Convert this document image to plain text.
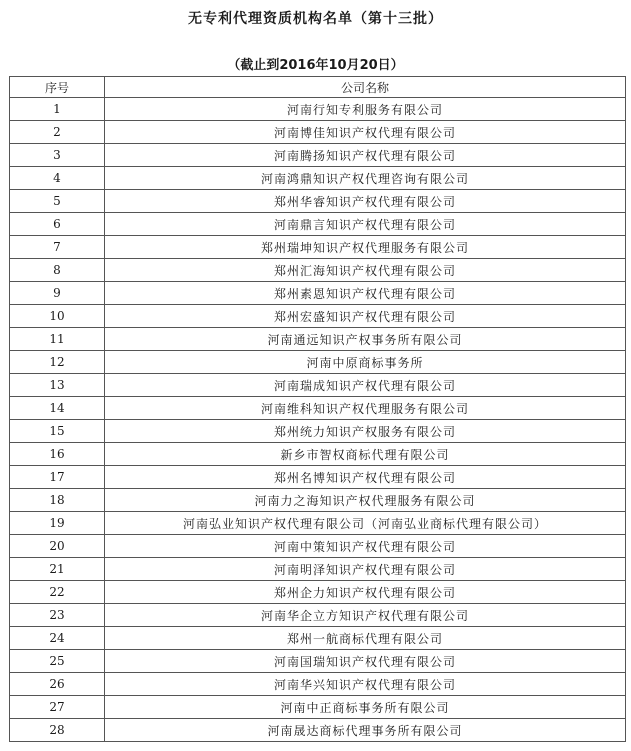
无专利代理资质机构名单（第十三批）
（截止到2016年10月20日）
序号	公司名称
1	河南行知专利服务有限公司
2	河南博佳知识产权代理有限公司
3	河南腾扬知识产权代理有限公司
4	河南鸿鼎知识产权代理咨询有限公司
5	郑州华睿知识产权代理有限公司
6	河南鼎言知识产权代理有限公司
7	郑州瑞坤知识产权代理服务有限公司
8	郑州汇海知识产权代理有限公司
9	郑州素恩知识产权代理有限公司
10	郑州宏盛知识产权代理有限公司
11	河南通远知识产权事务所有限公司
12	河南中原商标事务所
13	河南瑞成知识产权代理有限公司
14	河南维科知识产权代理服务有限公司
15	郑州统力知识产权服务有限公司
16	新乡市智权商标代理有限公司
17	郑州名博知识产权代理有限公司
18	河南力之海知识产权代理服务有限公司
19	河南弘业知识产权代理有限公司（河南弘业商标代理有限公司）
20	河南中策知识产权代理有限公司
21	河南明泽知识产权代理有限公司
22	郑州企力知识产权代理有限公司
23	河南华企立方知识产权代理有限公司
24	郑州一航商标代理有限公司
25	河南国瑞知识产权代理有限公司
26	河南华兴知识产权代理有限公司
27	河南中正商标事务所有限公司
28	河南晟达商标代理事务所有限公司
